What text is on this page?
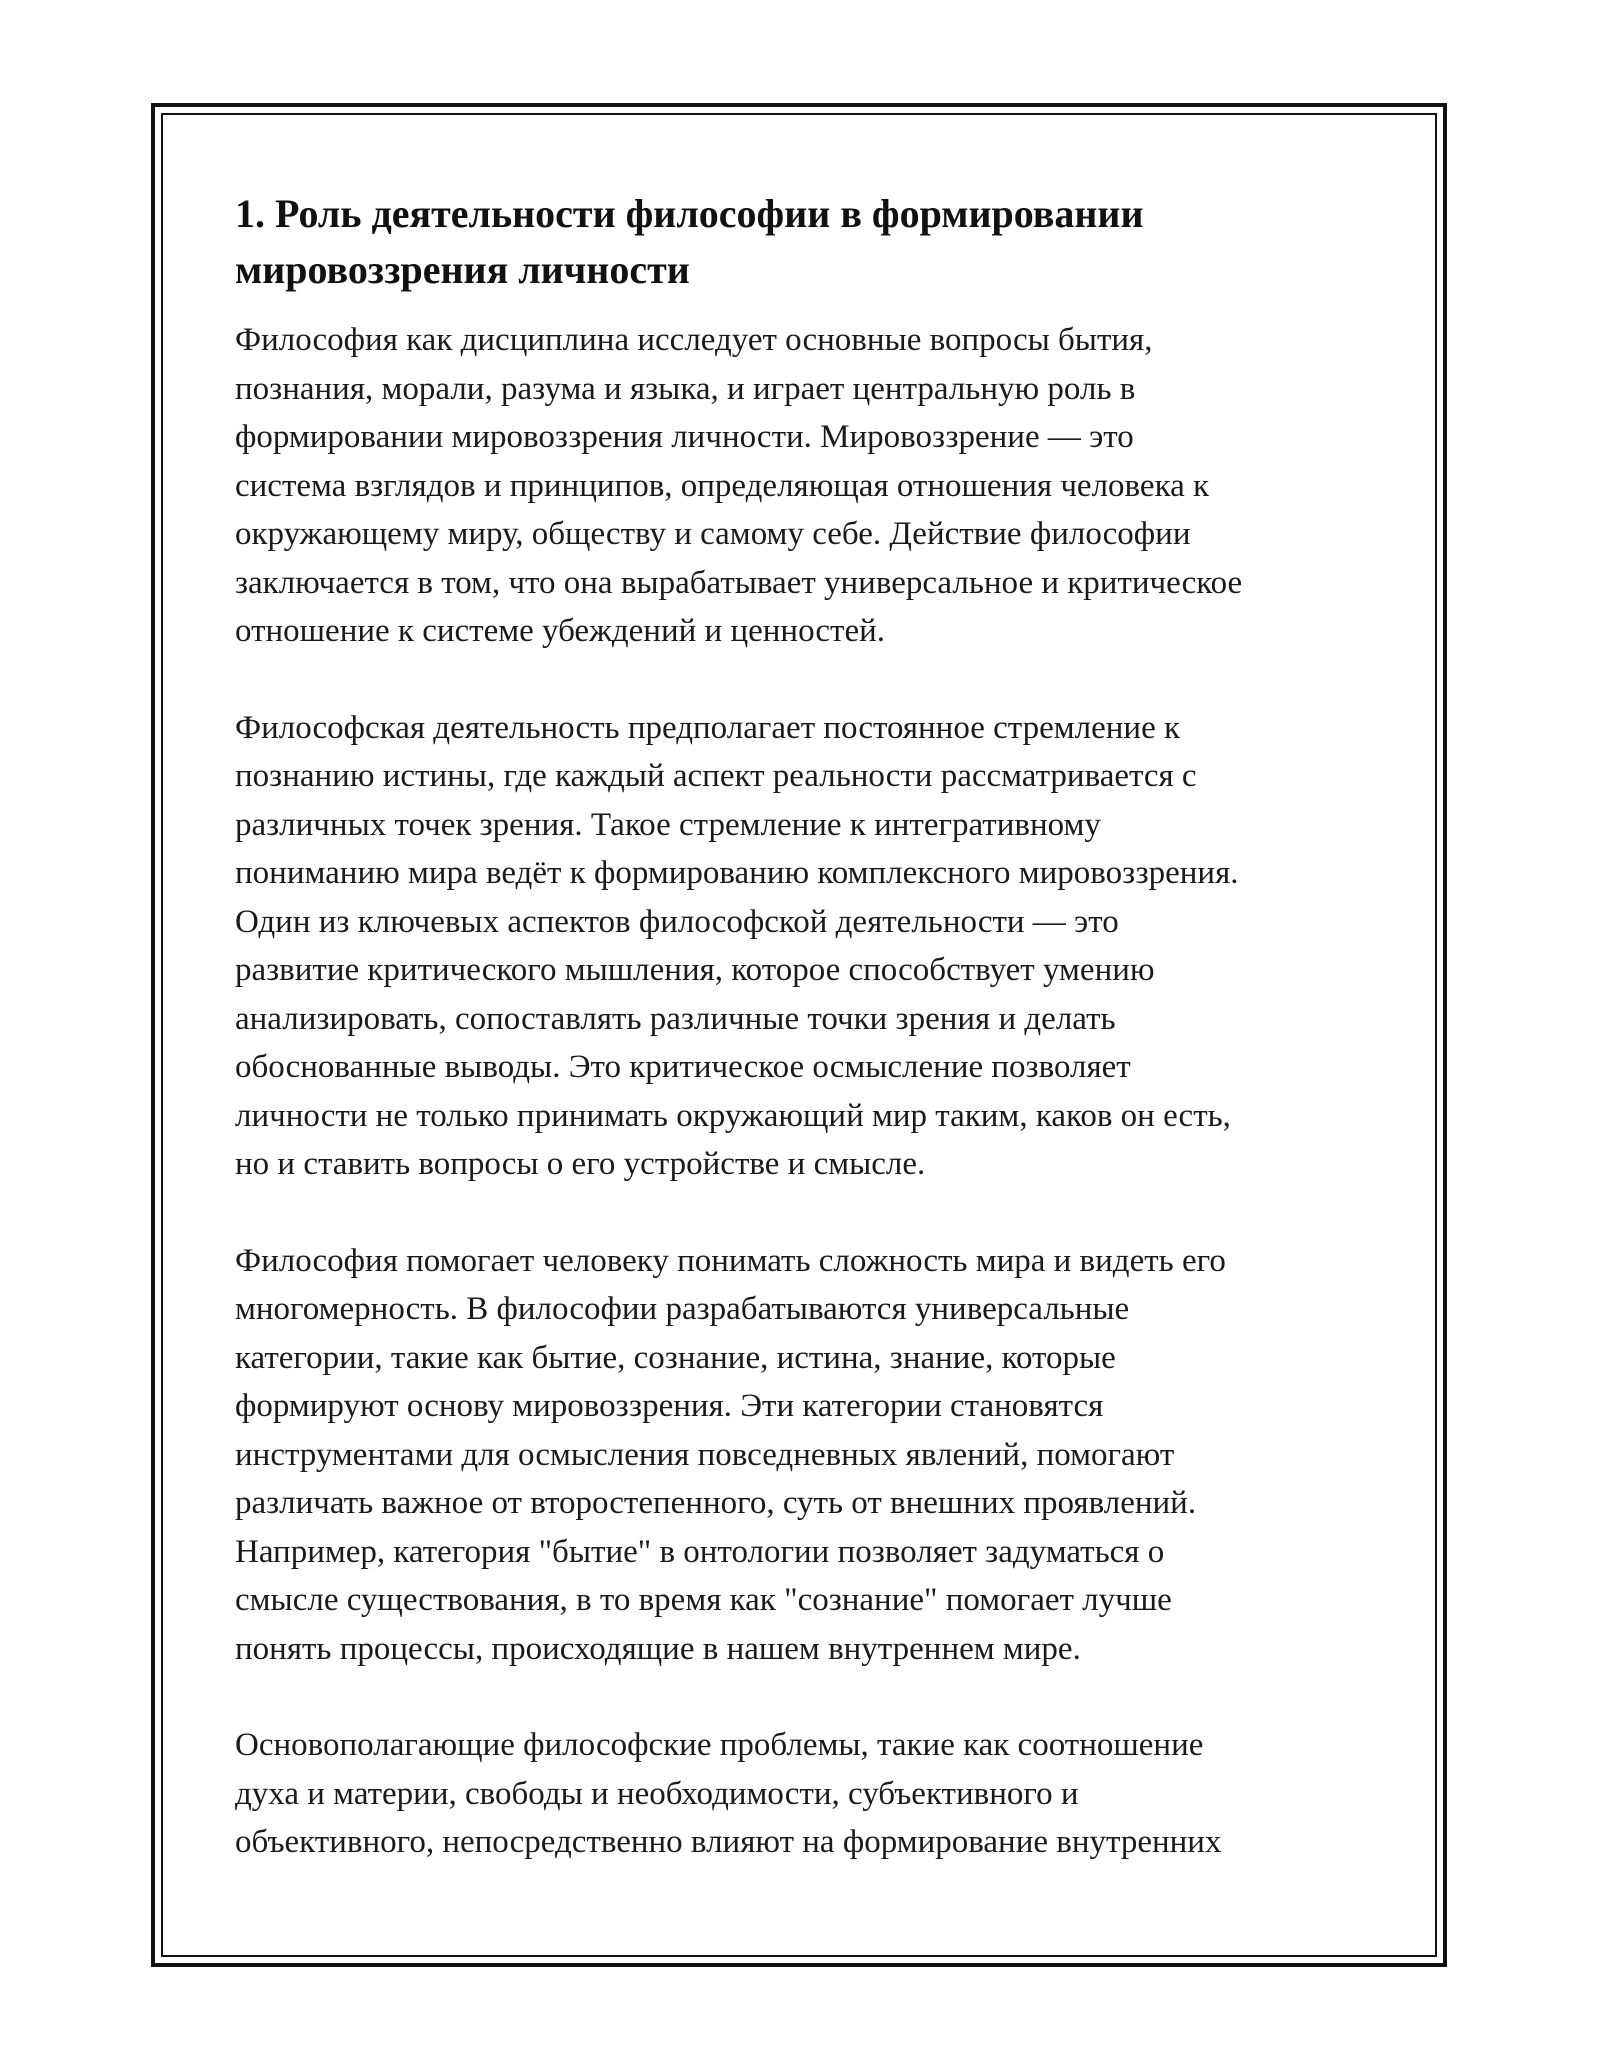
1. Роль деятельности философии в формировании
мировоззрения личности

Философия как дисциплина исследует основные вопросы бытия,
познания, морали, разума и языка, и играет центральную роль в
формировании мировоззрения личности. Мировоззрение — это
система взглядов и принципов, определяющая отношения человека к
окружающему миру, обществу и самому себе. Действие философии
заключается в том, что она вырабатывает универсальное и критическое
отношение к системе убеждений и ценностей.

Философская деятельность предполагает постоянное стремление к
познанию истины, где каждый аспект реальности рассматривается с
различных точек зрения. Такое стремление к интегративному
пониманию мира ведёт к формированию комплексного мировоззрения.
Один из ключевых аспектов философской деятельности — это
развитие критического мышления, которое способствует умению
анализировать, сопоставлять различные точки зрения и делать
обоснованные выводы. Это критическое осмысление позволяет
личности не только принимать окружающий мир таким, каков он есть,
но и ставить вопросы о его устройстве и смысле.

Философия помогает человеку понимать сложность мира и видеть его
многомерность. В философии разрабатываются универсальные
категории, такие как бытие, сознание, истина, знание, которые
формируют основу мировоззрения. Эти категории становятся
инструментами для осмысления повседневных явлений, помогают
различать важное от второстепенного, суть от внешних проявлений.
Например, категория "бытие" в онтологии позволяет задуматься о
смысле существования, в то время как "сознание" помогает лучше
понять процессы, происходящие в нашем внутреннем мире.

Основополагающие философские проблемы, такие как соотношение
духа и материи, свободы и необходимости, субъективного и
объективного, непосредственно влияют на формирование внутренних
